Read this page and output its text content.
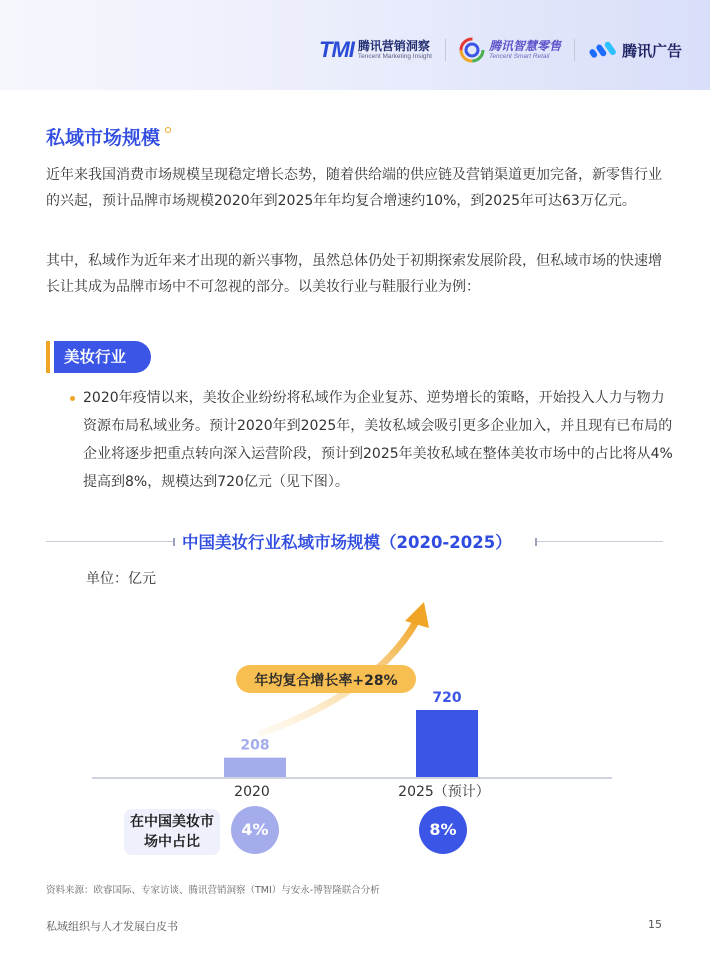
TMI 腾讯营销洞察
Tencent Marketing Insight
腾讯智慧零售
Tencent Smart Retail	腾讯广告
私域市场规模

近年来我国消费市场规模呈现稳定增长态势，随着供给端的供应链及营销渠道更加完备，新零售行业的兴起，预计品牌市场规模2020年到2025年年均复合增速约10%，到2025年可达63万亿元。

其中，私域作为近年来才出现的新兴事物，虽然总体仍处于初期探索发展阶段，但私域市场的快速增长让其成为品牌市场中不可忽视的部分。以美妆行业与鞋服行业为例：

美妆行业

2020年疫情以来，美妆企业纷纷将私域作为企业复苏、逆势增长的策略，开始投入人力与物力资源布局私域业务。预计2020年到2025年，美妆私域会吸引更多企业加入，并且现有已布局的企业将逐步把重点转向深入运营阶段，预计到2025年美妆私域在整体美妆市场中的占比将从4%提高到8%，规模达到720亿元（见下图）。

中国美妆行业私域市场规模（2020-2025）
单位：亿元
208
2020
720
2025（预计）
年均复合增长率+28%
在中国美妆市场中占比
4%	8%
资料来源：欧睿国际、专家访谈、腾讯营销洞察（TMI）与安永-博智隆联合分析
私域组织与人才发展白皮书	15
